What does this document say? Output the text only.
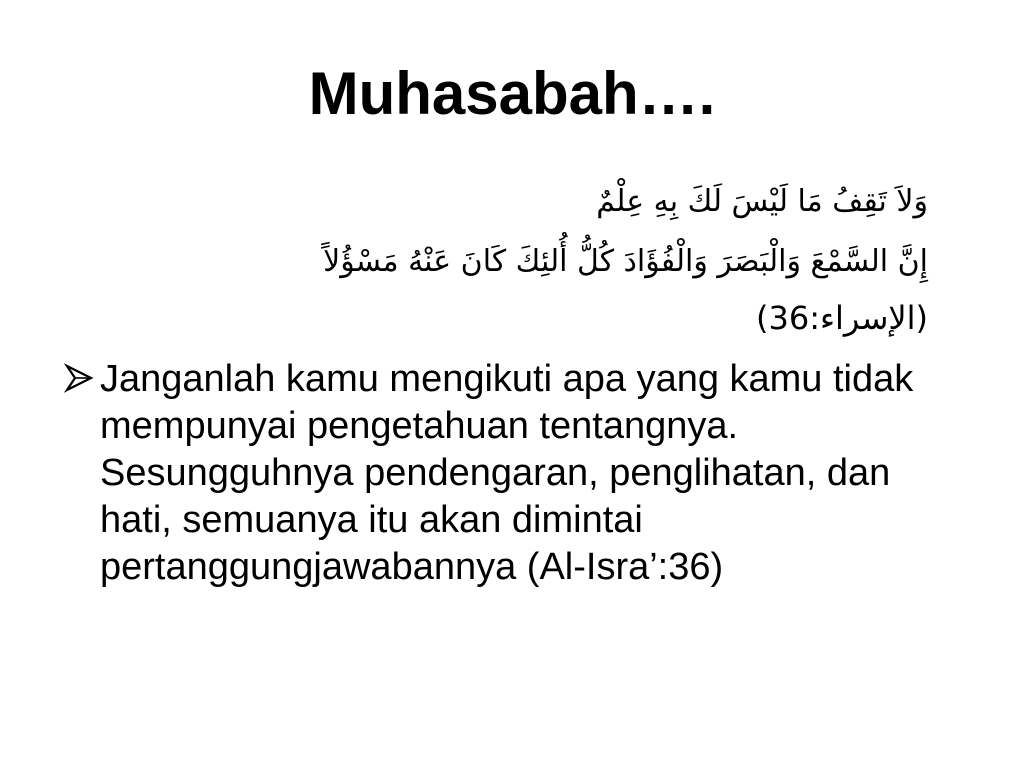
Muhasabah….
وَلاَ تَقِفُ مَا لَيْسَ لَكَ بِهِ عِلْمٌ
إِنَّ السَّمْعَ وَالْبَصَرَ وَالْفُؤَادَ كُلُّ أُلئِكَ كَانَ عَنْهُ مَسْؤُلاً
(الإسراء:36)
Janganlah kamu mengikuti apa yang kamu tidak mempunyai pengetahuan tentangnya. Sesungguhnya pendengaran, penglihatan, dan hati, semuanya itu akan dimintai pertanggungjawabannya (Al-Isra’:36)
